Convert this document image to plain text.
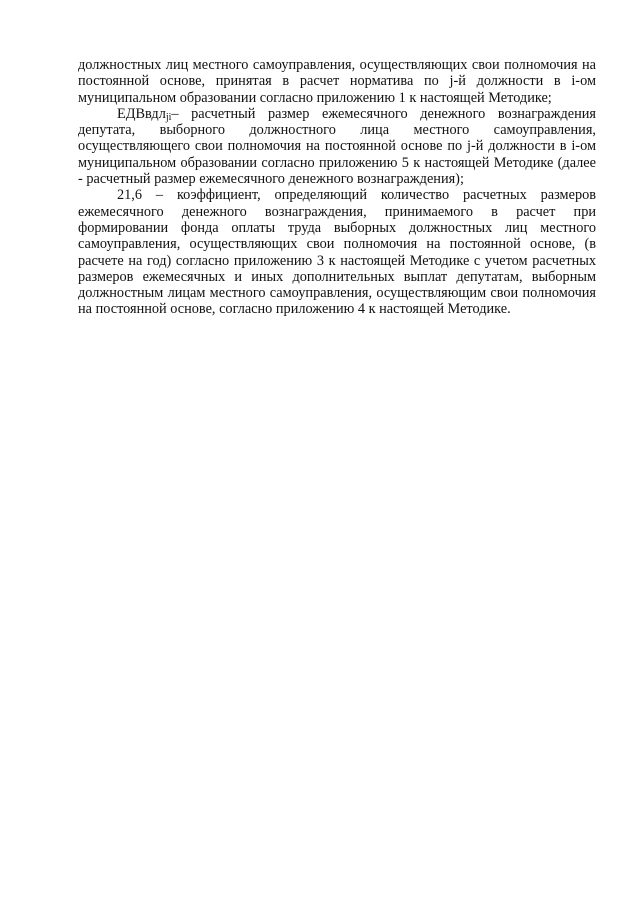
должностных лиц местного самоуправления, осуществляющих свои полномочия на постоянной основе, принятая в расчет норматива по j-й должности в i-ом муниципальном образовании согласно приложению 1 к настоящей Методике;

ЕДВвдл$_{ji}$– расчетный размер ежемесячного денежного вознаграждения депутата, выборного должностного лица местного самоуправления, осуществляющего свои полномочия на постоянной основе по j-й должности в i-ом муниципальном образовании согласно приложению 5 к настоящей Методике (далее - расчетный размер ежемесячного денежного вознаграждения);

21,6 – коэффициент, определяющий количество расчетных размеров ежемесячного денежного вознаграждения, принимаемого в расчет при формировании фонда оплаты труда выборных должностных лиц местного самоуправления, осуществляющих свои полномочия на постоянной основе, (в расчете на год) согласно приложению 3 к настоящей Методике с учетом расчетных размеров ежемесячных и иных дополнительных выплат депутатам, выборным должностным лицам местного самоуправления, осуществляющим свои полномочия на постоянной основе, согласно приложению 4 к настоящей Методике.
